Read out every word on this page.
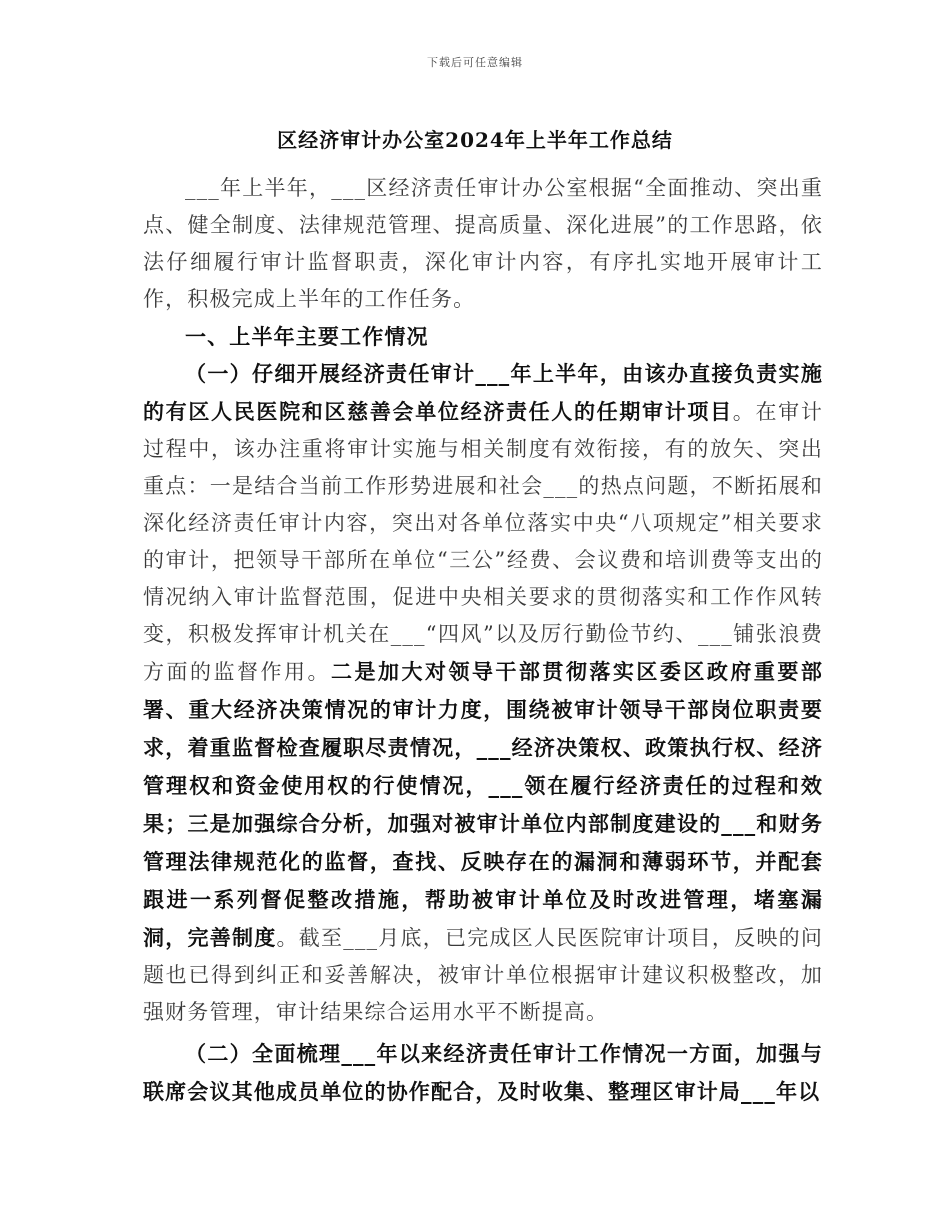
下载后可任意编辑
区经济审计办公室2024年上半年工作总结

___年上半年，___区经济责任审计办公室根据“全面推动、突出重点、健全制度、法律规范管理、提高质量、深化进展”的工作思路，依法仔细履行审计监督职责，深化审计内容，有序扎实地开展审计工作，积极完成上半年的工作任务。

一、上半年主要工作情况

（一）仔细开展经济责任审计___年上半年，由该办直接负责实施的有区人民医院和区慈善会单位经济责任人的任期审计项目。在审计过程中，该办注重将审计实施与相关制度有效衔接，有的放矢、突出重点：一是结合当前工作形势进展和社会___的热点问题，不断拓展和深化经济责任审计内容，突出对各单位落实中央“八项规定”相关要求的审计，把领导干部所在单位“三公”经费、会议费和培训费等支出的情况纳入审计监督范围，促进中央相关要求的贯彻落实和工作作风转变，积极发挥审计机关在___“四风”以及厉行勤俭节约、___铺张浪费方面的监督作用。二是加大对领导干部贯彻落实区委区政府重要部署、重大经济决策情况的审计力度，围绕被审计领导干部岗位职责要求，着重监督检查履职尽责情况，___经济决策权、政策执行权、经济管理权和资金使用权的行使情况，___领在履行经济责任的过程和效果；三是加强综合分析，加强对被审计单位内部制度建设的___和财务管理法律规范化的监督，查找、反映存在的漏洞和薄弱环节，并配套跟进一系列督促整改措施，帮助被审计单位及时改进管理，堵塞漏洞，完善制度。截至___月底，已完成区人民医院审计项目，反映的问题也已得到纠正和妥善解决，被审计单位根据审计建议积极整改，加强财务管理，审计结果综合运用水平不断提高。

（二）全面梳理___年以来经济责任审计工作情况一方面，加强与联席会议其他成员单位的协作配合，及时收集、整理区审计局___年以
